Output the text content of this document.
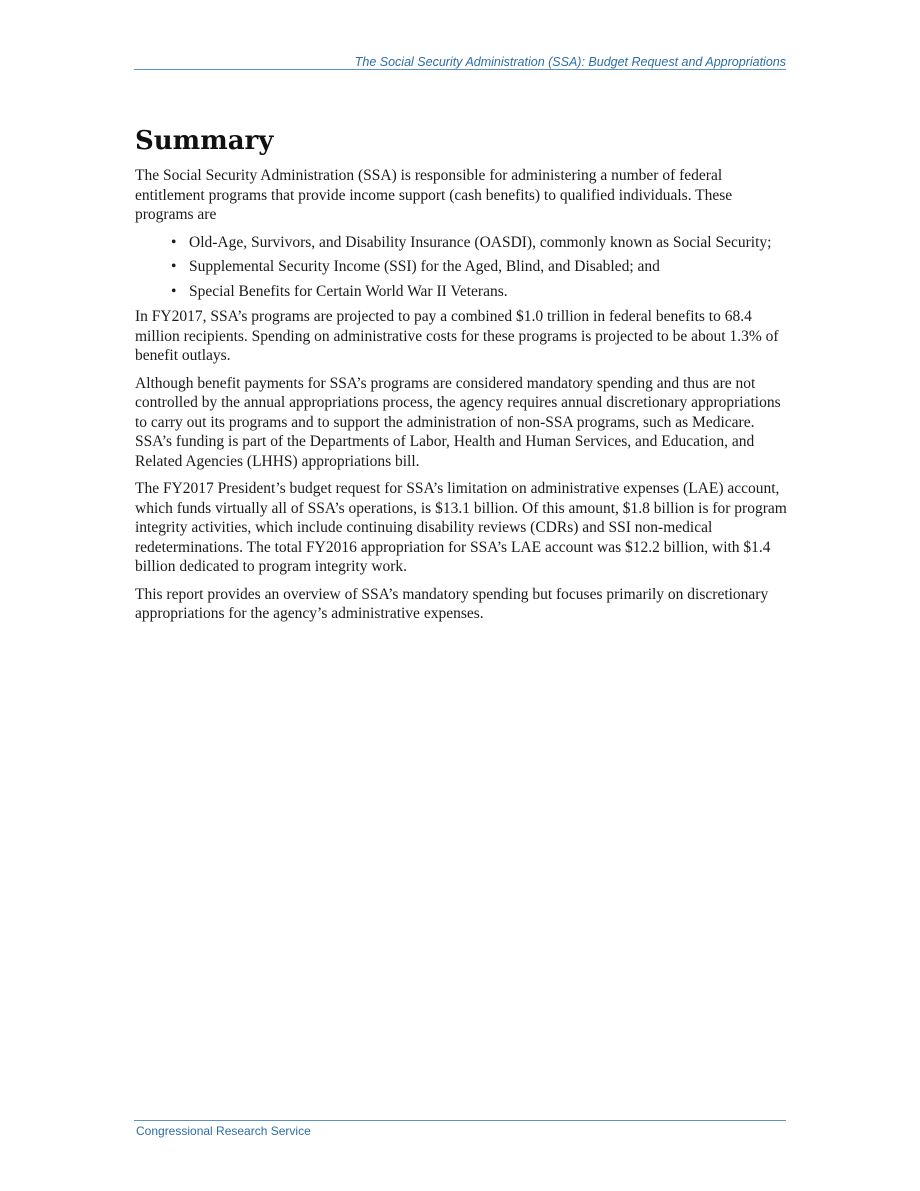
The Social Security Administration (SSA): Budget Request and Appropriations
Summary

The Social Security Administration (SSA) is responsible for administering a number of federal entitlement programs that provide income support (cash benefits) to qualified individuals. These programs are

• Old-Age, Survivors, and Disability Insurance (OASDI), commonly known as Social Security;
• Supplemental Security Income (SSI) for the Aged, Blind, and Disabled; and
• Special Benefits for Certain World War II Veterans.

In FY2017, SSA’s programs are projected to pay a combined $1.0 trillion in federal benefits to 68.4 million recipients. Spending on administrative costs for these programs is projected to be about 1.3% of benefit outlays.

Although benefit payments for SSA’s programs are considered mandatory spending and thus are not controlled by the annual appropriations process, the agency requires annual discretionary appropriations to carry out its programs and to support the administration of non-SSA programs, such as Medicare. SSA’s funding is part of the Departments of Labor, Health and Human Services, and Education, and Related Agencies (LHHS) appropriations bill.

The FY2017 President’s budget request for SSA’s limitation on administrative expenses (LAE) account, which funds virtually all of SSA’s operations, is $13.1 billion. Of this amount, $1.8 billion is for program integrity activities, which include continuing disability reviews (CDRs) and SSI non-medical redeterminations. The total FY2016 appropriation for SSA’s LAE account was $12.2 billion, with $1.4 billion dedicated to program integrity work.

This report provides an overview of SSA’s mandatory spending but focuses primarily on discretionary appropriations for the agency’s administrative expenses.

Congressional Research Service
